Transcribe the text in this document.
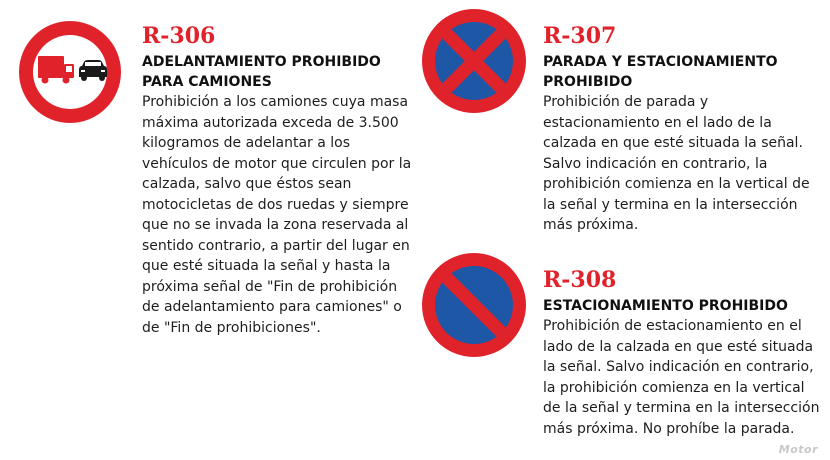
R-306
ADELANTAMIENTO PROHIBIDO PARA CAMIONES
Prohibición a los camiones cuya masa máxima autorizada exceda de 3.500 kilogramos de adelantar a los vehículos de motor que circulen por la calzada, salvo que éstos sean motocicletas de dos ruedas y siempre que no se invada la zona reservada al sentido contrario, a partir del lugar en que esté situada la señal y hasta la próxima señal de "Fin de prohibición de adelantamiento para camiones" o de "Fin de prohibiciones".
R-307
PARADA Y ESTACIONAMIENTO PROHIBIDO
Prohibición de parada y estacionamiento en el lado de la calzada en que esté situada la señal. Salvo indicación en contrario, la prohibición comienza en la vertical de la señal y termina en la intersección más próxima.
R-308
ESTACIONAMIENTO PROHIBIDO
Prohibición de estacionamiento en el lado de la calzada en que esté situada la señal. Salvo indicación en contrario, la prohibición comienza en la vertical de la señal y termina en la intersección más próxima. No prohíbe la parada.
Motor
